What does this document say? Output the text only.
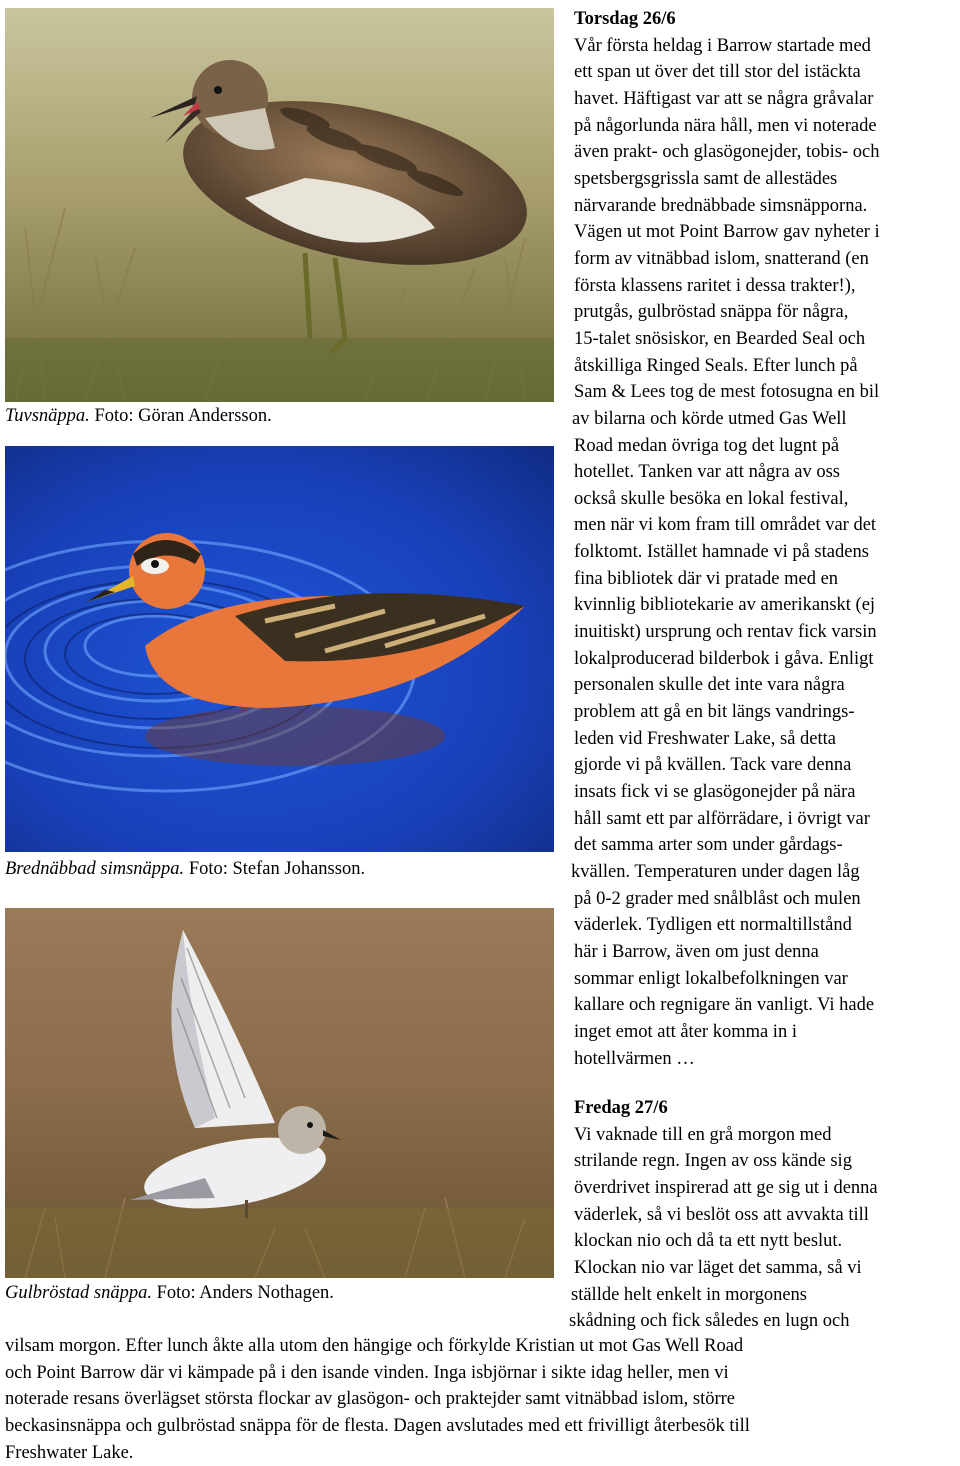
Tuvsnäppa. Foto: Göran Andersson.
Brednäbbad simsnäppa. Foto: Stefan Johansson.
Gulbröstad snäppa. Foto: Anders Nothagen.
Torsdag 26/6
Vår första heldag i Barrow startade med
ett span ut över det till stor del istäckta
havet. Häftigast var att se några gråvalar
på någorlunda nära håll, men vi noterade
även prakt- och glasögonejder, tobis- och
spetsbergsgrissla samt de allestädes
närvarande brednäbbade simsnäpporna.
Vägen ut mot Point Barrow gav nyheter i
form av vitnäbbad islom, snatterand (en
första klassens raritet i dessa trakter!),
prutgås, gulbröstad snäppa för några,
15-talet snösiskor, en Bearded Seal och
åtskilliga Ringed Seals. Efter lunch på
Sam & Lees tog de mest fotosugna en bil
av bilarna och körde utmed Gas Well
Road medan övriga tog det lugnt på
hotellet. Tanken var att några av oss
också skulle besöka en lokal festival,
men när vi kom fram till området var det
folktomt. Istället hamnade vi på stadens
fina bibliotek där vi pratade med en
kvinnlig bibliotekarie av amerikanskt (ej
inuitiskt) ursprung och rentav fick varsin
lokalproducerad bilderbok i gåva. Enligt
personalen skulle det inte vara några
problem att gå en bit längs vandrings-
leden vid Freshwater Lake, så detta
gjorde vi på kvällen. Tack vare denna
insats fick vi se glasögonejder på nära
håll samt ett par alförrädare, i övrigt var
det samma arter som under gårdags-
kvällen. Temperaturen under dagen låg
på 0-2 grader med snålblåst och mulen
väderlek. Tydligen ett normaltillstånd
här i Barrow, även om just denna
sommar enligt lokalbefolkningen var
kallare och regnigare än vanligt. Vi hade
inget emot att åter komma in i
hotellvärmen …
Fredag 27/6
Vi vaknade till en grå morgon med
strilande regn. Ingen av oss kände sig
överdrivet inspirerad att ge sig ut i denna
väderlek, så vi beslöt oss att avvakta till
klockan nio och då ta ett nytt beslut.
Klockan nio var läget det samma, så vi
ställde helt enkelt in morgonens
skådning och fick således en lugn och
vilsam morgon. Efter lunch åkte alla utom den hängige och förkylde Kristian ut mot Gas Well Road
och Point Barrow där vi kämpade på i den isande vinden. Inga isbjörnar i sikte idag heller, men vi
noterade resans överlägset största flockar av glasögon- och praktejder samt vitnäbbad islom, större
beckasinsnäppa och gulbröstad snäppa för de flesta. Dagen avslutades med ett frivilligt återbesök till
Freshwater Lake.
